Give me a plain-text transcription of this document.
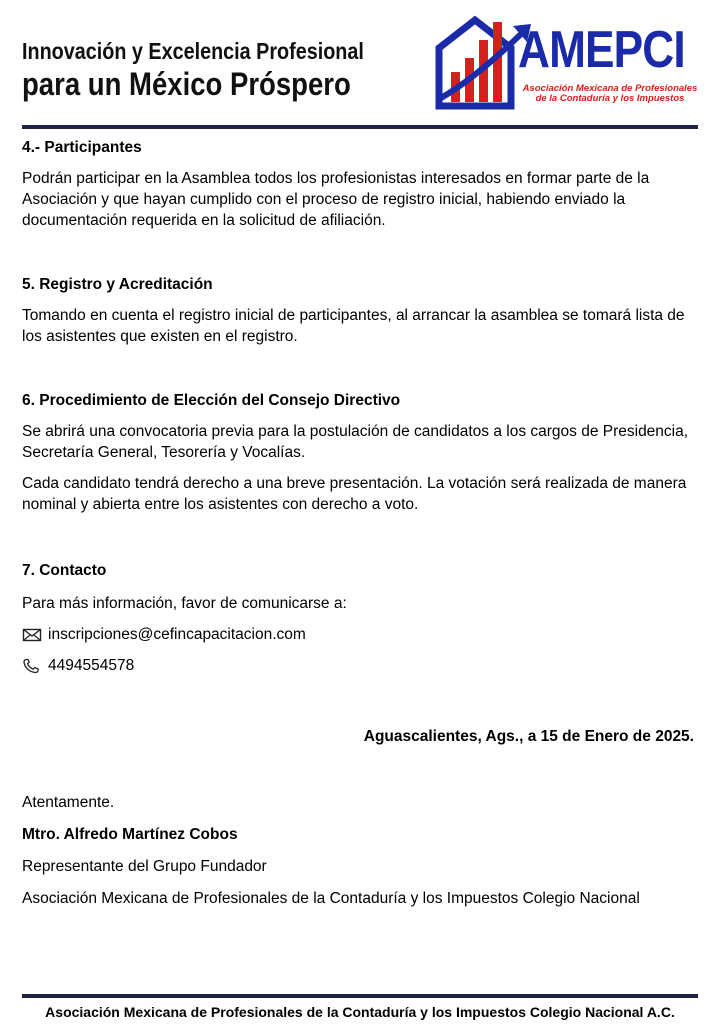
Innovación y Excelencia Profesional
para un México Próspero
AMEPCI
Asociación Mexicana de Profesionales de la Contaduría y los Impuestos
4.- Participantes

Podrán participar en la Asamblea todos los profesionistas interesados en formar parte de la Asociación y que hayan cumplido con el proceso de registro inicial, habiendo enviado la documentación requerida en la solicitud de afiliación.

5. Registro y Acreditación

Tomando en cuenta el registro inicial de participantes, al arrancar la asamblea se tomará lista de los asistentes que existen en el registro.

6. Procedimiento de Elección del Consejo Directivo

Se abrirá una convocatoria previa para la postulación de candidatos a los cargos de Presidencia, Secretaría General, Tesorería y Vocalías.

Cada candidato tendrá derecho a una breve presentación. La votación será realizada de manera nominal y abierta entre los asistentes con derecho a voto.

7. Contacto

Para más información, favor de comunicarse a:

inscripciones@cefincapacitacion.com
4494554578
Aguascalientes, Ags., a 15 de Enero de 2025.
Atentamente.
Mtro. Alfredo Martínez Cobos
Representante del Grupo Fundador
Asociación Mexicana de Profesionales de la Contaduría y los Impuestos Colegio Nacional
Asociación Mexicana de Profesionales de la Contaduría y los Impuestos Colegio Nacional A.C.
